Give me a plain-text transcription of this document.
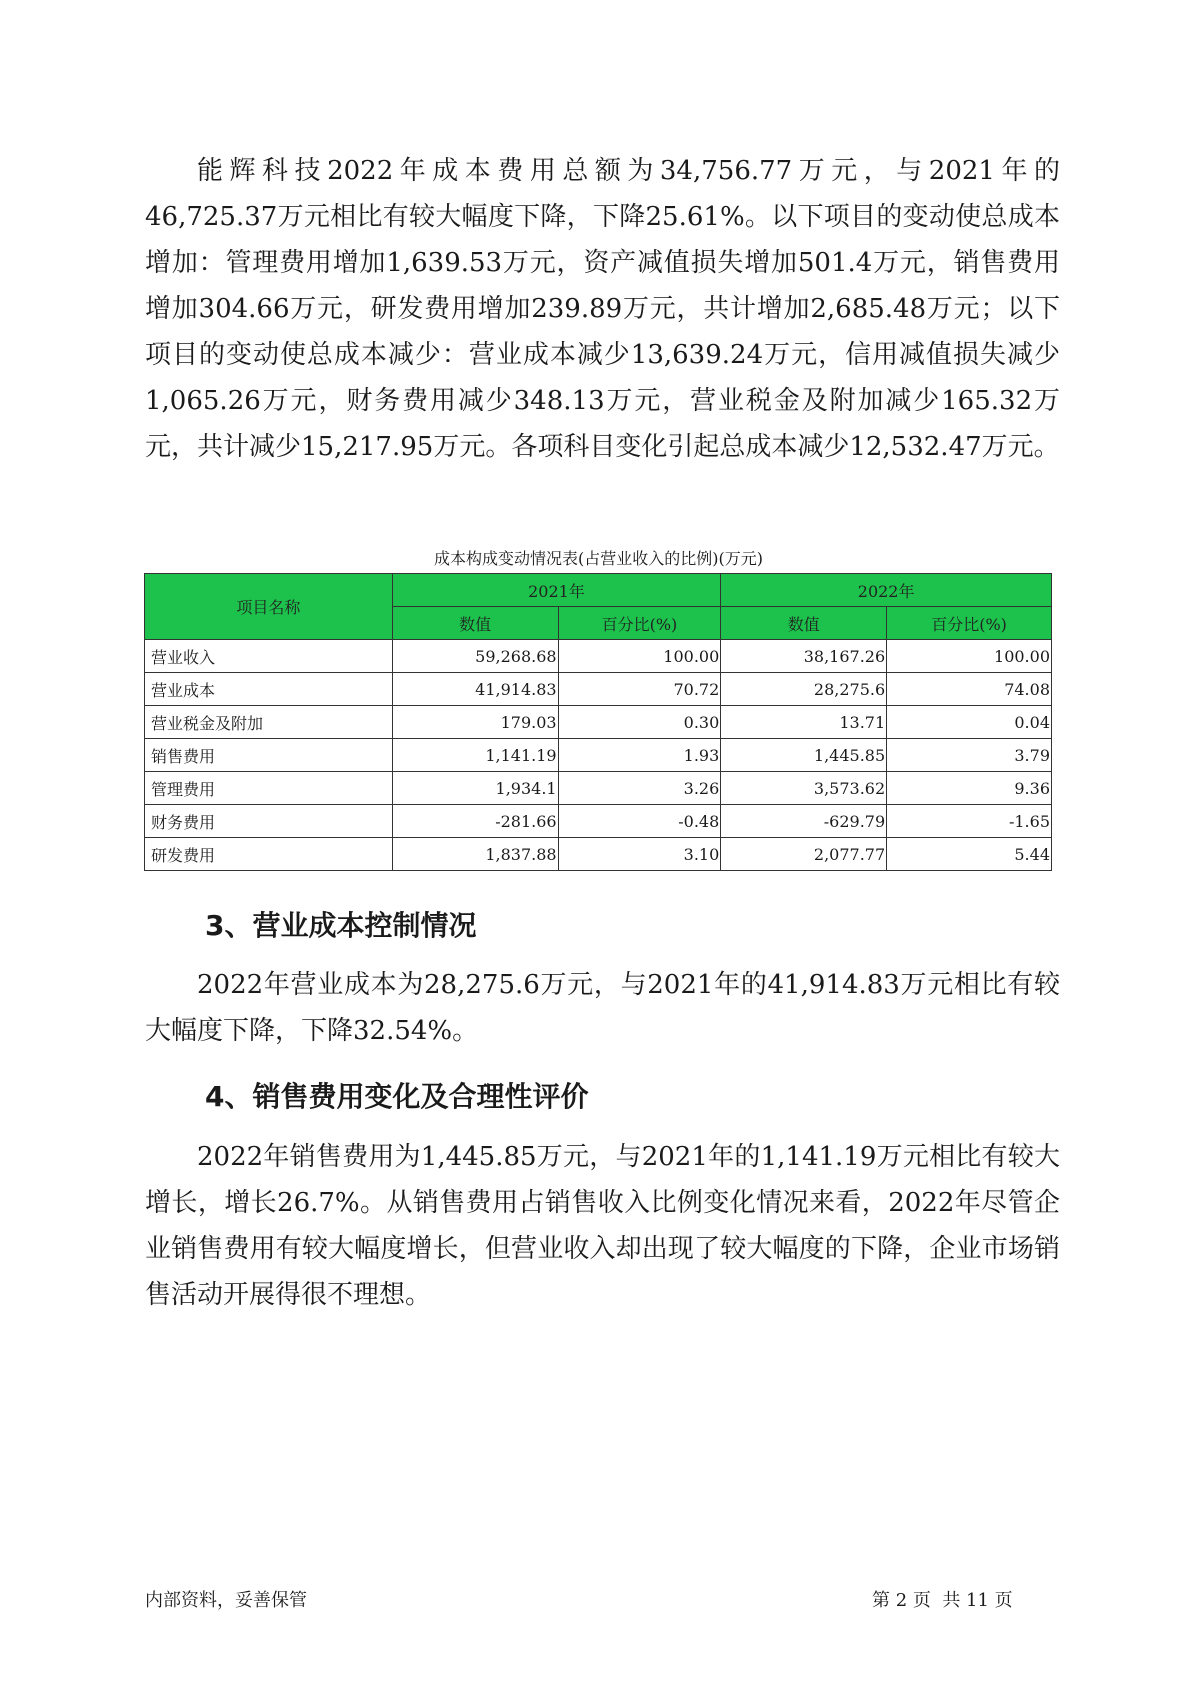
能辉科技2022年成本费用总额为34,756.77万元，与2021年的46,725.37万元相比有较大幅度下降，下降25.61%。以下项目的变动使总成本增加：管理费用增加1,639.53万元，资产减值损失增加501.4万元，销售费用增加304.66万元，研发费用增加239.89万元，共计增加2,685.48万元；以下项目的变动使总成本减少：营业成本减少13,639.24万元，信用减值损失减少1,065.26万元，财务费用减少348.13万元，营业税金及附加减少165.32万元，共计减少15,217.95万元。各项科目变化引起总成本减少12,532.47万元。

成本构成变动情况表(占营业收入的比例)(万元)
项目名称	2021年		2022年	
	数值	百分比(%)	数值	百分比(%)
营业收入	59,268.68	100.00	38,167.26	100.00
营业成本	41,914.83	70.72	28,275.6	74.08
营业税金及附加	179.03	0.30	13.71	0.04
销售费用	1,141.19	1.93	1,445.85	3.79
管理费用	1,934.1	3.26	3,573.62	9.36
财务费用	-281.66	-0.48	-629.79	-1.65
研发费用	1,837.88	3.10	2,077.77	5.44
3、营业成本控制情况

2022年营业成本为28,275.6万元，与2021年的41,914.83万元相比有较大幅度下降，下降32.54%。

4、销售费用变化及合理性评价

2022年销售费用为1,445.85万元，与2021年的1,141.19万元相比有较大增长，增长26.7%。从销售费用占销售收入比例变化情况来看，2022年尽管企业销售费用有较大幅度增长，但营业收入却出现了较大幅度的下降，企业市场销售活动开展得很不理想。

内部资料，妥善保管	第 2 页  共 11 页
